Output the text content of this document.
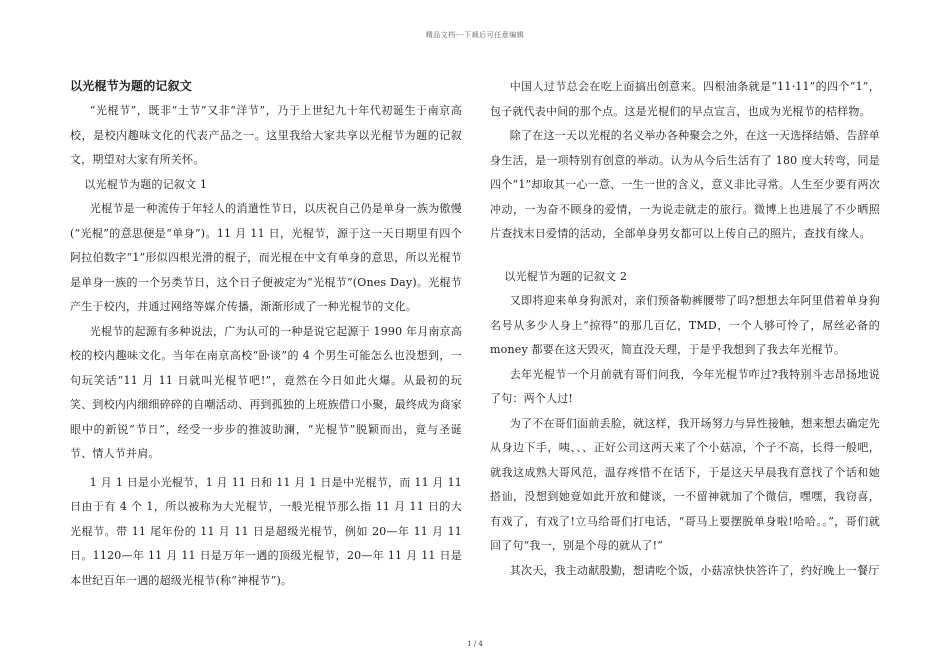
精品文档---下载后可任意编辑
以光棍节为题的记叙文

“光棍节”，既非“土节”又非“洋节”，乃于上世纪九十年代初诞生于南京高校，是校内趣味文化的代表产品之一。这里我给大家共享以光棍节为题的记叙文，期望对大家有所关怀。

以光棍节为题的记叙文 1

光棍节是一种流传于年轻人的消遣性节日，以庆祝自己仍是单身一族为傲慢(“光棍”的意思便是“单身”)。11 月 11 日，光棍节，源于这一天日期里有四个阿拉伯数字“1”形似四根光滑的棍子，而光棍在中文有单身的意思，所以光棍节是单身一族的一个另类节日，这个日子便被定为“光棍节”(Ones Day)。光棍节产生于校内，并通过网络等媒介传播，渐渐形成了一种光棍节的文化。

光棍节的起源有多种说法，广为认可的一种是说它起源于 1990 年月南京高校的校内趣味文化。当年在南京高校“卧谈”的 4 个男生可能怎么也没想到，一句玩笑话“11 月 11 日就叫光棍节吧!”，竟然在今日如此火爆。从最初的玩笑、到校内内细细碎碎的自嘲活动、再到孤独的上班族借口小聚，最终成为商家眼中的新锐“节日”，经受一步步的推波助澜，“光棍节”脱颖而出，竟与圣诞节、情人节并肩。

1 月 1 日是小光棍节，1 月 11 日和 11 月 1 日是中光棍节，而 11 月 11 日由于有 4 个 1，所以被称为大光棍节，一般光棍节那么指 11 月 11 日的大光棍节。带 11 尾年份的 11 月 11 日是超级光棍节，例如 20—年 11 月 11 日。1120—年 11 月 11 日是万年一遇的顶级光棍节，20—年 11 月 11 日是本世纪百年一遇的超级光棍节(称“神棍节”)。

中国人过节总会在吃上面搞出创意来。四根油条就是“11·11”的四个“1”，包子就代表中间的那个点。这是光棍们的早点宣言，也成为光棍节的桔样物。

除了在这一天以光棍的名义举办各种聚会之外，在这一天选择结婚、告辞单身生活，是一项特别有创意的举动。认为从今后生活有了 180 度大转弯，同是四个“1”却取其一心一意、一生一世的含义，意义非比寻常。人生至少要有两次冲动，一为奋不顾身的爱情，一为说走就走的旅行。微博上也进展了不少晒照片查找末日爱情的活动，全部单身男女都可以上传自己的照片，查找有缘人。

以光棍节为题的记叙文 2

又即将迎来单身狗派对，亲们预备勒裤腰带了吗?想想去年阿里借着单身狗名号从多少人身上“掠得”的那几百亿，TMD，一个人够可怜了，屌丝必备的 money 都要在这天毁灭，简直没天理，于是乎我想到了我去年光棍节。

去年光棍节一个月前就有哥们问我，今年光棍节咋过?我特别斗志昂扬地说了句：两个人过!

为了不在哥们面前丢脸，就这样，我开场努力与异性接触，想来想去确定先从身边下手，咦、、、正好公司这两天来了个小菇凉，个子不高，长得一般吧，就我这成熟大哥风范，温存疼惜不在话下，于是这天早晨我有意找了个话和她搭讪，没想到她竟如此开放和健谈，一不留神就加了个微信，嘿嘿，我窃喜，有戏了，有戏了!立马给哥们打电话，“哥马上要摆脱单身啦!哈哈。。”，哥们就回了句“我一，别是个母的就从了!”

其次天，我主动献殷勤，想请吃个饭，小菇凉快快答许了，约好晚上一餐厅

1 / 4
